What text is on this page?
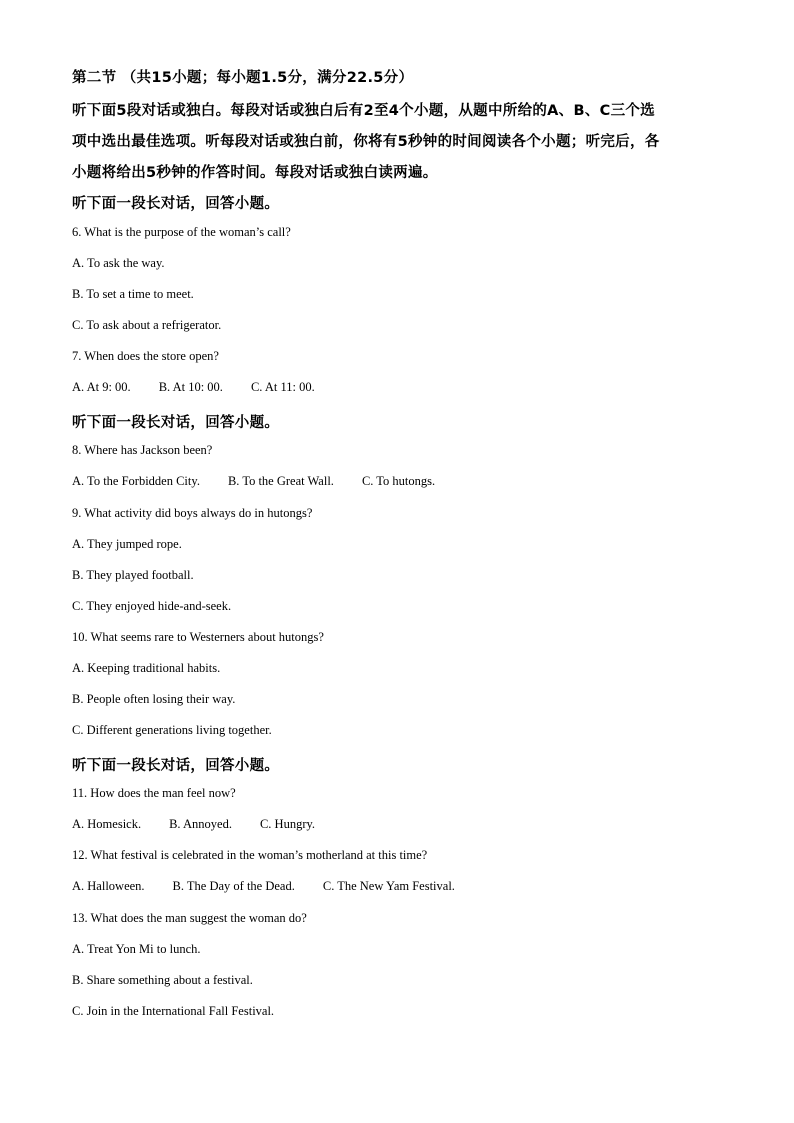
第二节 （共15小题；每小题1.5分，满分22.5分）
听下面5段对话或独白。每段对话或独白后有2至4个小题，从题中所给的A、B、C三个选
项中选出最佳选项。听每段对话或独白前，你将有5秒钟的时间阅读各个小题；听完后，各
小题将给出5秒钟的作答时间。每段对话或独白读两遍。
听下面一段长对话，回答小题。
6. What is the purpose of the woman’s call?
A. To ask the way.
B. To set a time to meet.
C. To ask about a refrigerator.
7. When does the store open?
A. At 9: 00. B. At 10: 00. C. At 11: 00.
听下面一段长对话，回答小题。
8. Where has Jackson been?
A. To the Forbidden City. B. To the Great Wall. C. To hutongs.
9. What activity did boys always do in hutongs?
A. They jumped rope.
B. They played football.
C. They enjoyed hide-and-seek.
10. What seems rare to Westerners about hutongs?
A. Keeping traditional habits.
B. People often losing their way.
C. Different generations living together.
听下面一段长对话，回答小题。
11. How does the man feel now?
A. Homesick. B. Annoyed. C. Hungry.
12. What festival is celebrated in the woman’s motherland at this time?
A. Halloween. B. The Day of the Dead. C. The New Yam Festival.
13. What does the man suggest the woman do?
A. Treat Yon Mi to lunch.
B. Share something about a festival.
C. Join in the International Fall Festival.
